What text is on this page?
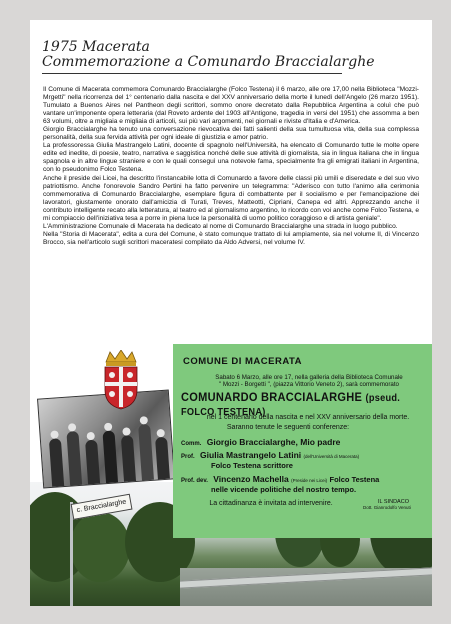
1975 Macerata
Commemorazione a Comunardo Braccialarghe

Il Comune di Macerata commemora Comunardo Braccialarghe (Folco Testena) il 6 marzo, alle ore 17,00 nella Biblioteca "Mozzi-Mrgetti" nella ricorrenza del 1° centenario dalla nascita e del XXV anniversario della morte il lunedì dell'Angelo (26 marzo 1951). Tumulato a Buenos Aires nel Pantheon degli scrittori, sommo onore decretato dalla Repubblica Argentina a coluì che può vantare un'imponente opera letteraria (dal Roveto ardente del 1903 all'Antigone, tragedia in versi del 1951) che assomma a ben 63 volumi, oltre a migliaia e migliaia di articoli, sui più vari argomenti, nei giornali e riviste d'Italia e d'America.

Giorgio Braccialarghe ha tenuto una conversazione rievocativa dei fatti salienti della sua tumultuosa vita, della sua complessa personalità, della sua fervida attività per ogni ideale di giustizia e amor patrio.

La professoressa Giulia Mastrangelo Latini, docente di spagnolo nell'Università, ha elencato di Comunardo tutte le molte opere edite ed inedite, di poesie, teatro, narrativa e saggistica nonché delle sue attività di giornalista, sia in lingua italiana che in lingua spagnola e in altre lingue straniere e con le quali conseguì una notevole fama, specialmente fra gli emigrati italiani in Argentina, con lo pseudonimo Folco Testena.

Anche il preside dei Licei, ha descritto l'instancabile lotta di Comunardo a favore delle classi più umili e diseredate e del suo vivo patriottismo. Anche l'onorevole Sandro Pertini ha fatto pervenire un telegramma: "Aderisco con tutto l'animo alla cerimonia commemorativa di Comunardo Braccialarghe, esemplare figura di combattente per il socialismo e per l'emancipazione dei lavoratori, giustamente onorato dall'amicizia di Turati, Treves, Matteotti, Cipriani, Canepa ed altri. Apprezzando anche il contributo intelligente recato alla letteratura, al teatro ed al giornalismo argentino, lo ricordo con voi anche come Folco Testena, e mi compiaccio dell'iniziativa tesa a porre in piena luce la personalità di uomo politico coraggioso e di artista geniale".

L'Amministrazione Comunale di Macerata ha dedicato al nome di Comunardo Braccialarghe una strada in luogo pubblico.

Nella "Storia di Macerata", edita a cura del Comune, è stato comunque trattato di lui ampiamente, sia nel volume II, di Vincenzo Brocco, sia nell'articolo sugli scrittori maceratesi compilato da Aldo Adversi, nel volume IV.

c. Braccialarghe
COMUNE DI MACERATA
Sabato 6 Marzo, alle ore 17, nella galleria della Biblioteca Comunale
" Mozzi - Borgetti ", (piazza Vittorio Veneto 2), sarà commemorato
COMUNARDO BRACCIALARGHE (pseud. FOLCO TESTENA)
nel 1 centenario della nascita e nel XXV anniversario della morte.
Saranno tenute le seguenti conferenze:
Comm. Giorgio Braccialarghe, Mio padre
Prof. Giulia Mastrangelo Latini (dell'Università di Macerata)
Folco Testena scrittore
Prof. dev. Vincenzo Machella (Preside nei Licei) Folco Testena
nelle vicende politiche del nostro tempo.
La cittadinanza è invitata ad intervenire.	IL SINDACO
Dott. Gianrodolfo Venuti
